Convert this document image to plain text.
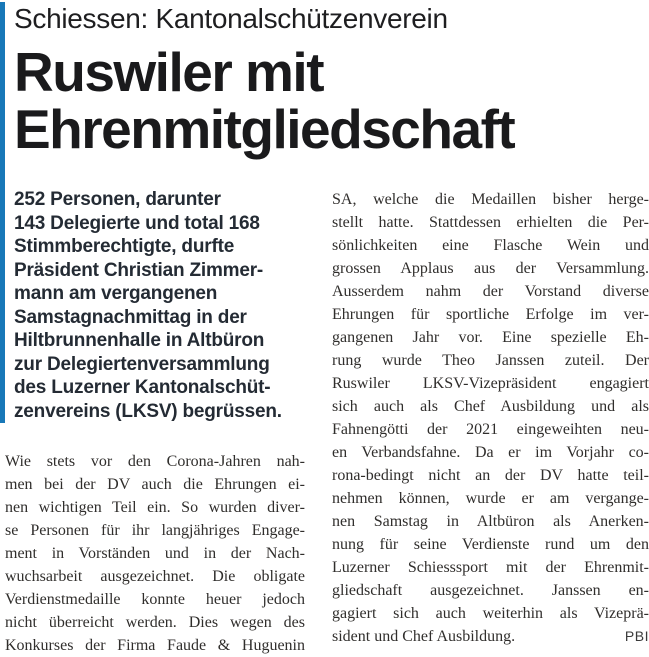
Schiessen: Kantonalschützenverein
Ruswiler mit
Ehrenmitgliedschaft
252 Personen, darunter
143 Delegierte und total 168
Stimmberechtigte, durfte
Präsident Christian Zimmer-
mann am vergangenen
Samstagnachmittag in der
Hiltbrunnenhalle in Altbüron
zur Delegiertenversammlung
des Luzerner Kantonalschüt-
zenvereins (LKSV) begrüssen.
Wie stets vor den Corona-Jahren nah-
men bei der DV auch die Ehrungen ei-
nen wichtigen Teil ein. So wurden diver-
se Personen für ihr langjähriges Engage-
ment in Vorständen und in der Nach-
wuchsarbeit ausgezeichnet. Die obligate
Verdienstmedaille konnte heuer jedoch
nicht überreicht werden. Dies wegen des
Konkurses der Firma Faude & Huguenin
SA, welche die Medaillen bisher herge-
stellt hatte. Stattdessen erhielten die Per-
sönlichkeiten eine Flasche Wein und
grossen Applaus aus der Versammlung.
Ausserdem nahm der Vorstand diverse
Ehrungen für sportliche Erfolge im ver-
gangenen Jahr vor. Eine spezielle Eh-
rung wurde Theo Janssen zuteil. Der
Ruswiler LKSV-Vizepräsident engagiert
sich auch als Chef Ausbildung und als
Fahnengötti der 2021 eingeweihten neu-
en Verbandsfahne. Da er im Vorjahr co-
rona-bedingt nicht an der DV hatte teil-
nehmen können, wurde er am vergange-
nen Samstag in Altbüron als Anerken-
nung für seine Verdienste rund um den
Luzerner Schiesssport mit der Ehrenmit-
gliedschaft ausgezeichnet. Janssen en-
gagiert sich auch weiterhin als Vizeprä-
sident und Chef Ausbildung.	PBI
